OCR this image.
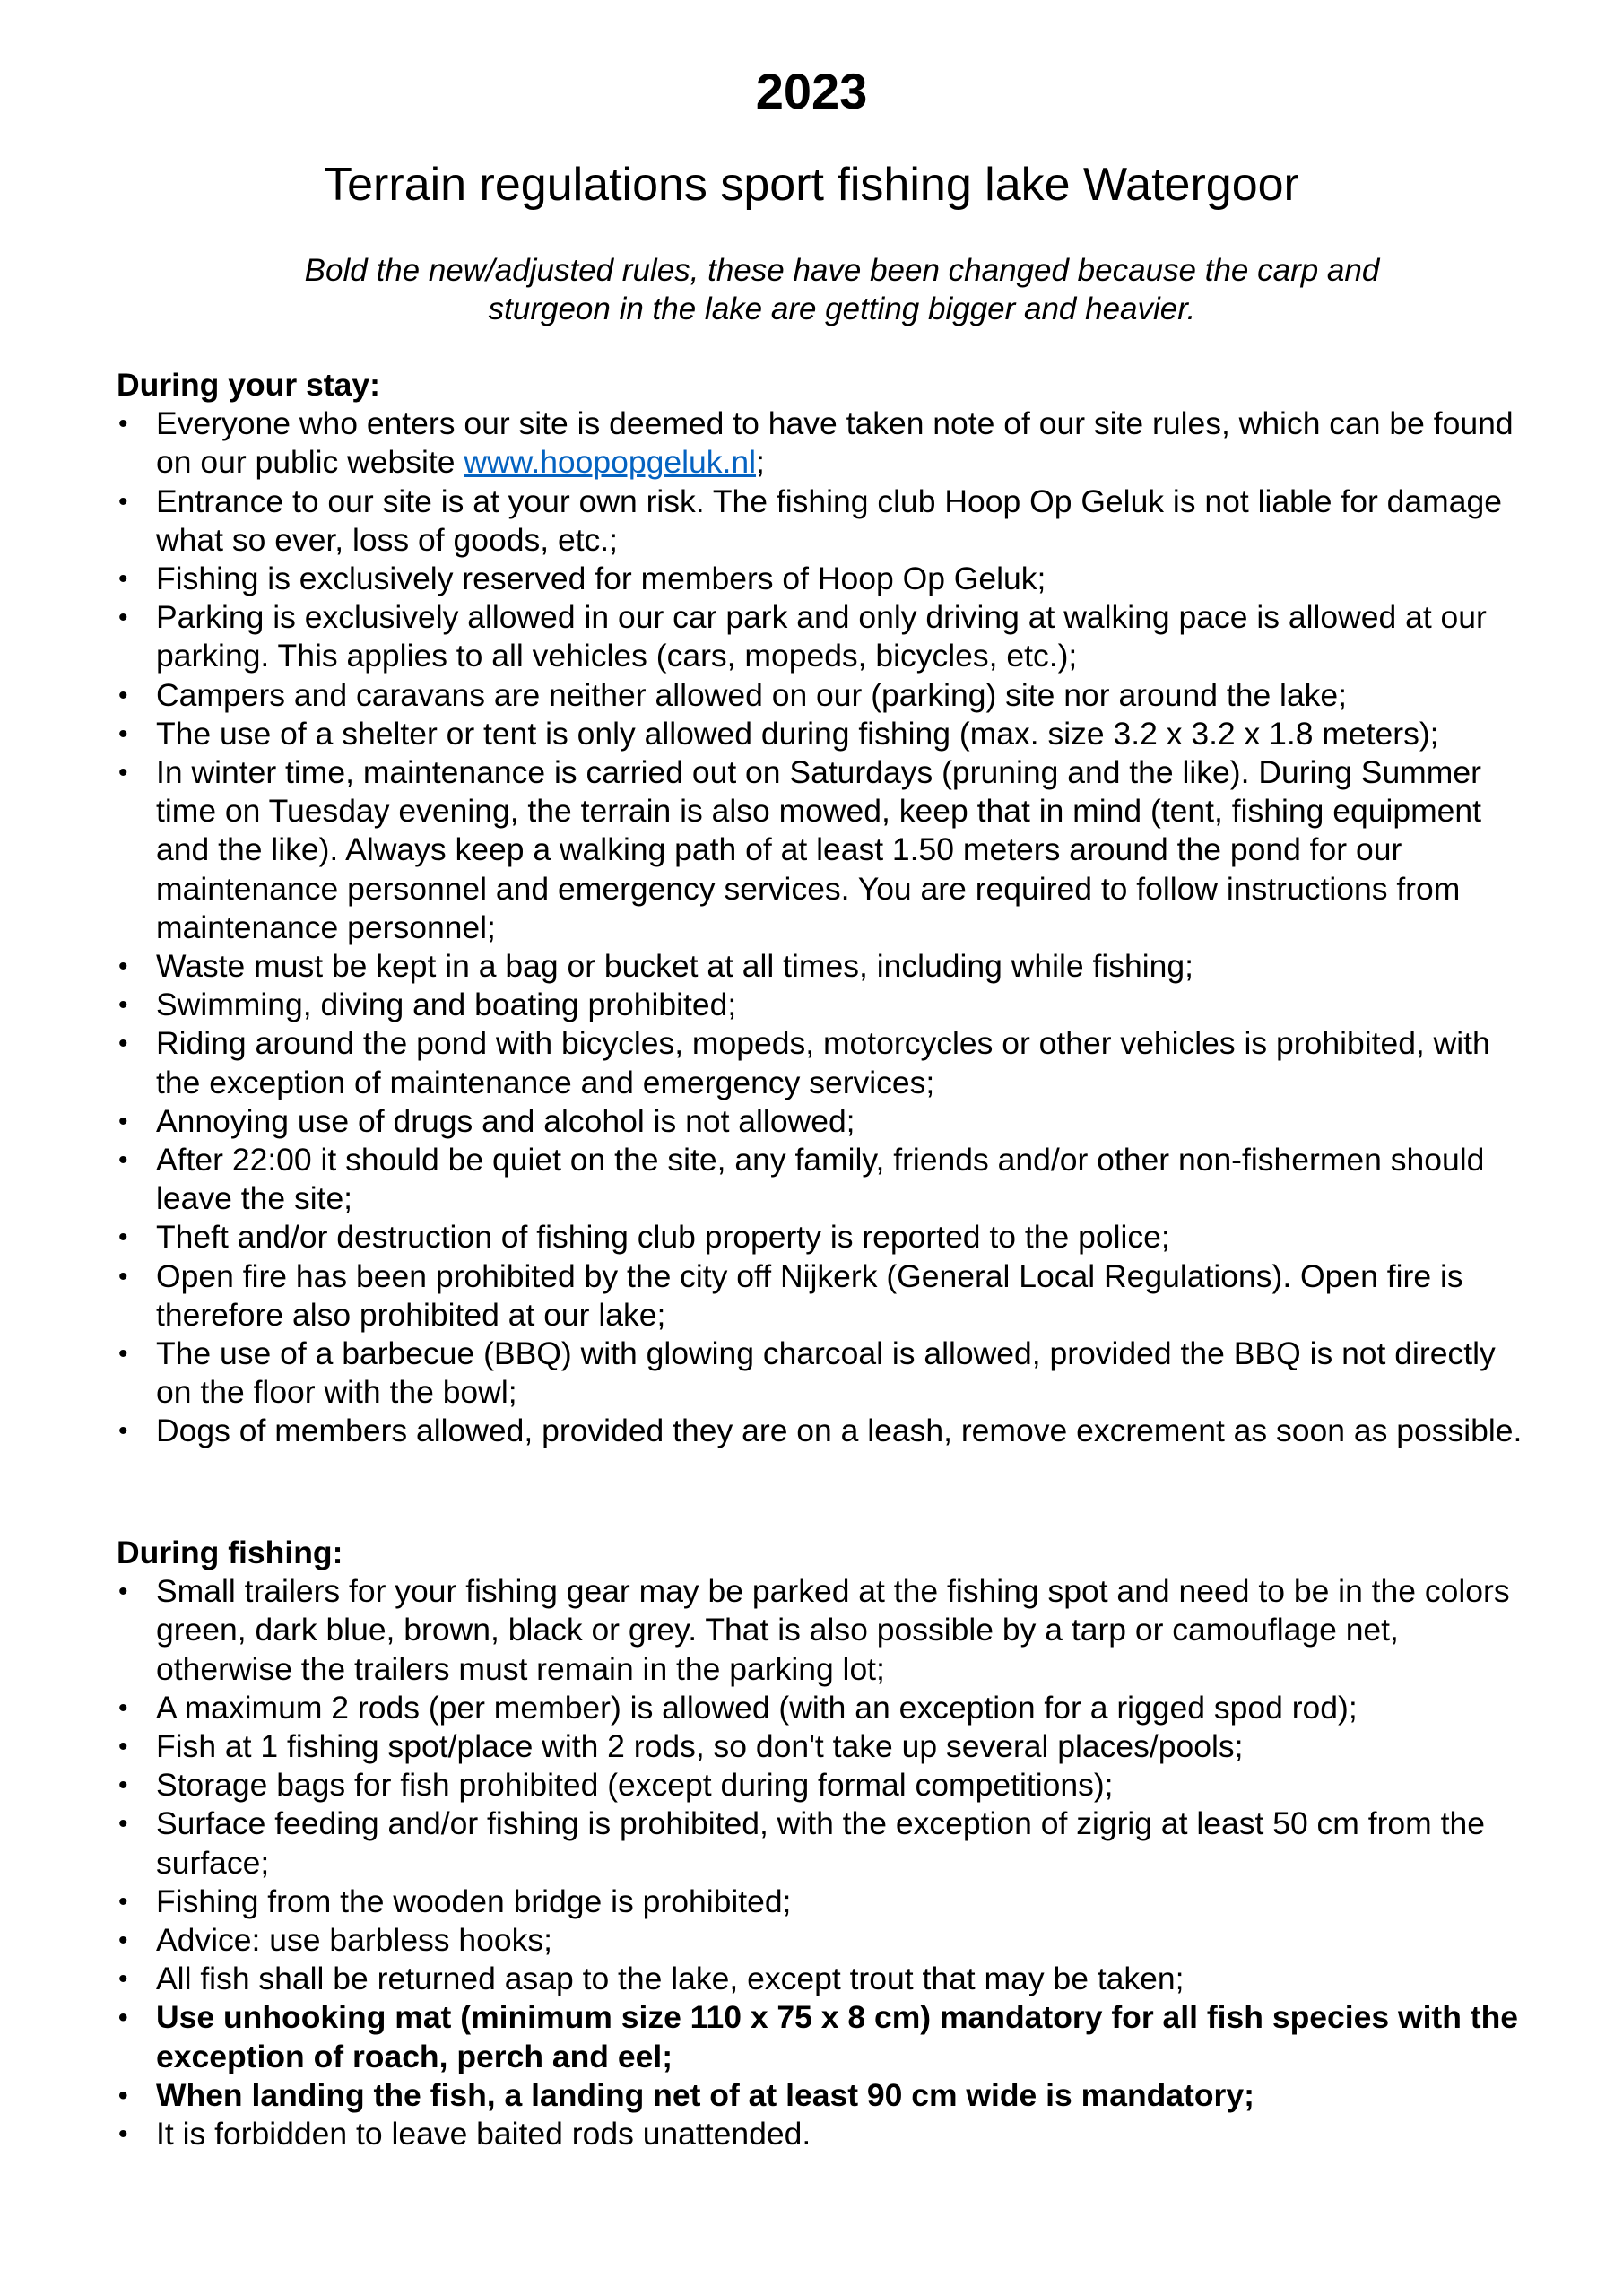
2023
Terrain regulations sport fishing lake Watergoor
Bold the new/adjusted rules, these have been changed because the carp and sturgeon in the lake are getting bigger and heavier.

During your stay:

• Everyone who enters our site is deemed to have taken note of our site rules, which can be found on our public website www.hoopopgeluk.nl;
• Entrance to our site is at your own risk. The fishing club Hoop Op Geluk is not liable for damage what so ever, loss of goods, etc.;
• Fishing is exclusively reserved for members of Hoop Op Geluk;
• Parking is exclusively allowed in our car park and only driving at walking pace is allowed at our parking. This applies to all vehicles (cars, mopeds, bicycles, etc.);
• Campers and caravans are neither allowed on our (parking) site nor around the lake;
• The use of a shelter or tent is only allowed during fishing (max. size 3.2 x 3.2 x 1.8 meters);
• In winter time, maintenance is carried out on Saturdays (pruning and the like). During Summer time on Tuesday evening, the terrain is also mowed, keep that in mind (tent, fishing equipment and the like). Always keep a walking path of at least 1.50 meters around the pond for our maintenance personnel and emergency services. You are required to follow instructions from maintenance personnel;
• Waste must be kept in a bag or bucket at all times, including while fishing;
• Swimming, diving and boating prohibited;
• Riding around the pond with bicycles, mopeds, motorcycles or other vehicles is prohibited, with the exception of maintenance and emergency services;
• Annoying use of drugs and alcohol is not allowed;
• After 22:00 it should be quiet on the site, any family, friends and/or other non-fishermen should leave the site;
• Theft and/or destruction of fishing club property is reported to the police;
• Open fire has been prohibited by the city off Nijkerk (General Local Regulations). Open fire is therefore also prohibited at our lake;
• The use of a barbecue (BBQ) with glowing charcoal is allowed, provided the BBQ is not directly on the floor with the bowl;
• Dogs of members allowed, provided they are on a leash, remove excrement as soon as possible.

During fishing:

• Small trailers for your fishing gear may be parked at the fishing spot and need to be in the colors green, dark blue, brown, black or grey. That is also possible by a tarp or camouflage net, otherwise the trailers must remain in the parking lot;
• A maximum 2 rods (per member) is allowed (with an exception for a rigged spod rod);
• Fish at 1 fishing spot/place with 2 rods, so don't take up several places/pools;
• Storage bags for fish prohibited (except during formal competitions);
• Surface feeding and/or fishing is prohibited, with the exception of zigrig at least 50 cm from the surface;
• Fishing from the wooden bridge is prohibited;
• Advice: use barbless hooks;
• All fish shall be returned asap to the lake, except trout that may be taken;
• Use unhooking mat (minimum size 110 x 75 x 8 cm) mandatory for all fish species with the exception of roach, perch and eel;
• When landing the fish, a landing net of at least 90 cm wide is mandatory;
• It is forbidden to leave baited rods unattended.
